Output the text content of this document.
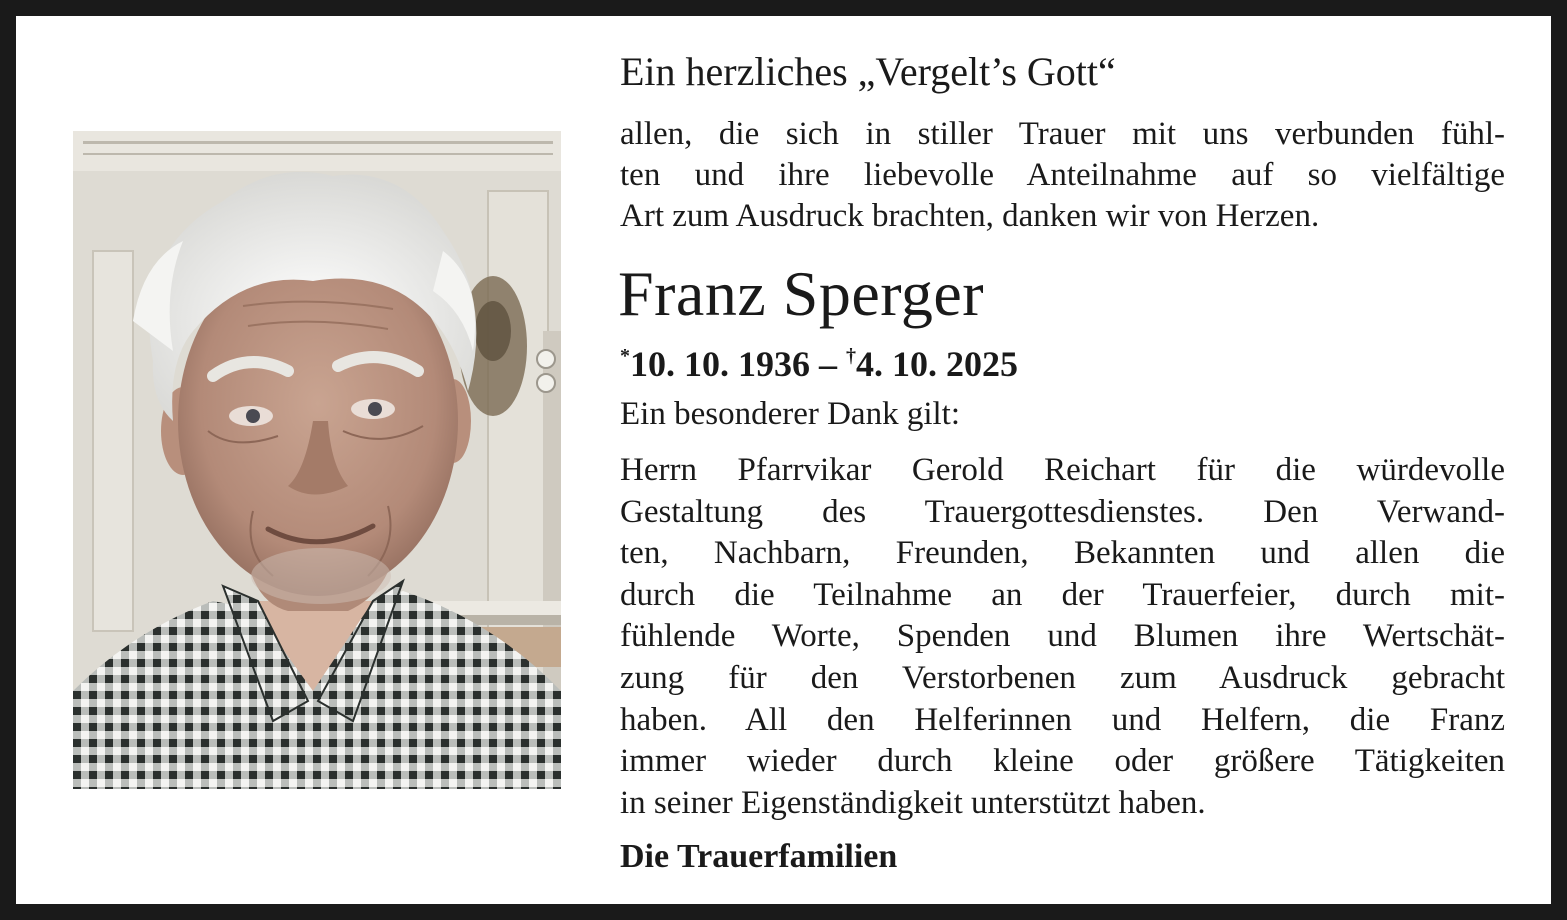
Ein herzliches „Vergelt’s Gott“
allen, die sich in stiller Trauer mit uns verbunden fühl-
ten und ihre liebevolle Anteilnahme auf so vielfältige
Art zum Ausdruck brachten, danken wir von Herzen.
Franz Sperger
*10. 10. 1936 – †4. 10. 2025
Ein besonderer Dank gilt:
Herrn Pfarrvikar Gerold Reichart für die würdevolle
Gestaltung des Trauergottesdienstes. Den Verwand-
ten, Nachbarn, Freunden, Bekannten und allen die
durch die Teilnahme an der Trauerfeier, durch mit-
fühlende Worte, Spenden und Blumen ihre Wertschät-
zung für den Verstorbenen zum Ausdruck gebracht
haben. All den Helferinnen und Helfern, die Franz
immer wieder durch kleine oder größere Tätigkeiten
in seiner Eigenständigkeit unterstützt haben.
Die Trauerfamilien
